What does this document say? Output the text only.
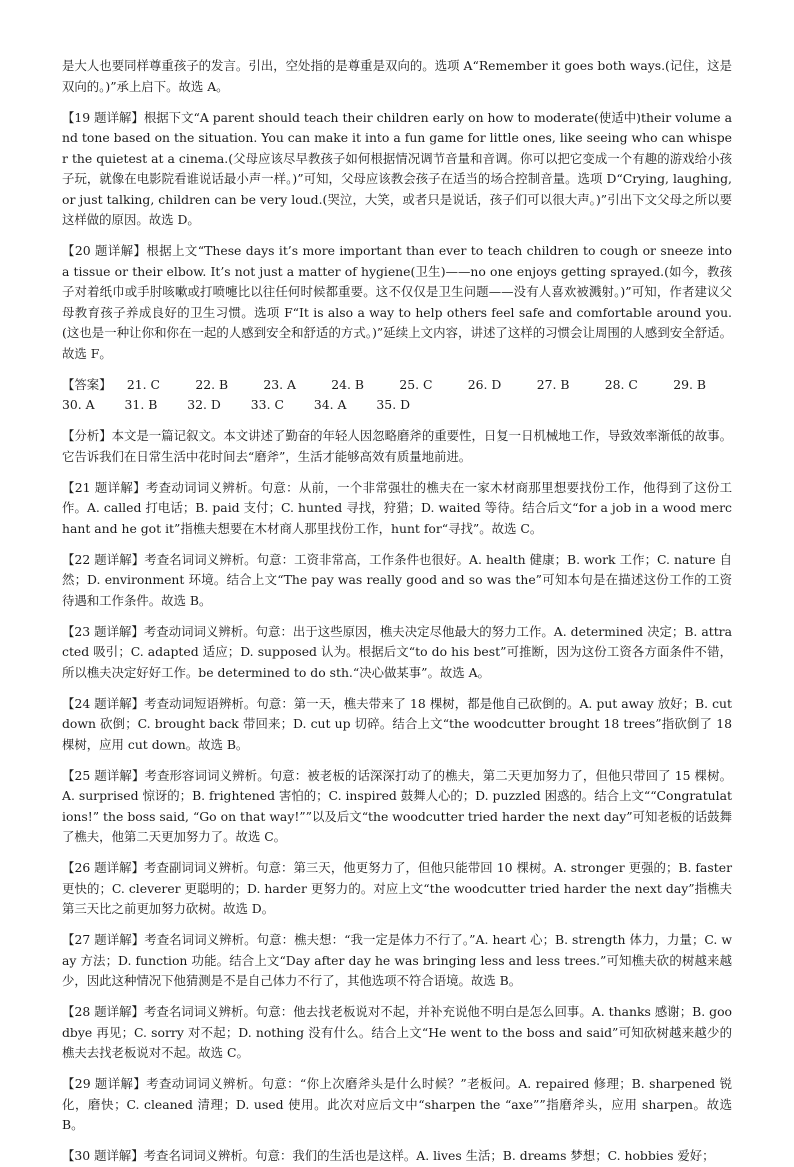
是大人也要同样尊重孩子的发言。引出，空处指的是尊重是双向的。选项 A“Remember it goes both ways.(记住，这是双向的。)”承上启下。故选 A。

【19 题详解】根据下文“A parent should teach their children early on how to moderate(使适中)their volume and tone based on the situation. You can make it into a fun game for little ones, like seeing who can whisper the quietest at a cinema.(父母应该尽早教孩子如何根据情况调节音量和音调。你可以把它变成一个有趣的游戏给小孩子玩，就像在电影院看谁说话最小声一样。)”可知，父母应该教会孩子在适当的场合控制音量。选项 D“Crying, laughing, or just talking, children can be very loud.(哭泣，大笑，或者只是说话，孩子们可以很大声。)”引出下文父母之所以要这样做的原因。故选 D。

【20 题详解】根据上文“These days it’s more important than ever to teach children to cough or sneeze into a tissue or their elbow. It’s not just a matter of hygiene(卫生)——no one enjoys getting sprayed.(如今，教孩子对着纸巾或手肘咳嗽或打喷嚏比以往任何时候都重要。这不仅仅是卫生问题——没有人喜欢被溅射。)”可知，作者建议父母教育孩子养成良好的卫生习惯。选项 F“It is also a way to help others feel safe and comfortable around you.(这也是一种让你和你在一起的人感到安全和舒适的方式。)”延续上文内容，讲述了这样的习惯会让周围的人感到安全舒适。故选 F。

【答案】 21. C	22. B	23. A	24. B	25. C	26. D	27. B	28. C	29. B 30. A 31. B 32. D 33. C 34. A 35. D

【分析】本文是一篇记叙文。本文讲述了勤奋的年轻人因忽略磨斧的重要性，日复一日机械地工作，导致效率渐低的故事。它告诉我们在日常生活中花时间去“磨斧”，生活才能够高效有质量地前进。

【21 题详解】考查动词词义辨析。句意：从前，一个非常强壮的樵夫在一家木材商那里想要找份工作，他得到了这份工作。A. called 打电话；B. paid 支付；C. hunted 寻找，狩猎；D. waited 等待。结合后文“for a job in a wood merchant and he got it”指樵夫想要在木材商人那里找份工作，hunt for“寻找”。故选 C。

【22 题详解】考查名词词义辨析。句意：工资非常高，工作条件也很好。A. health 健康；B. work 工作；C. nature 自然；D. environment 环境。结合上文“The pay was really good and so was the”可知本句是在描述这份工作的工资待遇和工作条件。故选 B。

【23 题详解】考查动词词义辨析。句意：出于这些原因，樵夫决定尽他最大的努力工作。A. determined 决定；B. attracted 吸引；C. adapted 适应；D. supposed 认为。根据后文“to do his best”可推断，因为这份工资各方面条件不错，所以樵夫决定好好工作。be determined to do sth.“决心做某事”。故选 A。

【24 题详解】考查动词短语辨析。句意：第一天，樵夫带来了 18 棵树，都是他自己砍倒的。A. put away 放好；B. cut down 砍倒；C. brought back 带回来；D. cut up 切碎。结合上文“the woodcutter brought 18 trees”指砍倒了 18 棵树，应用 cut down。故选 B。

【25 题详解】考查形容词词义辨析。句意：被老板的话深深打动了的樵夫，第二天更加努力了，但他只带回了 15 棵树。A. surprised 惊讶的；B. frightened 害怕的；C. inspired 鼓舞人心的；D. puzzled 困惑的。结合上文““Congratulations!” the boss said, “Go on that way!””以及后文“the woodcutter tried harder the next day”可知老板的话鼓舞了樵夫，他第二天更加努力了。故选 C。

【26 题详解】考查副词词义辨析。句意：第三天，他更努力了，但他只能带回 10 棵树。A. stronger 更强的；B. faster 更快的；C. cleverer 更聪明的；D. harder 更努力的。对应上文“the woodcutter tried harder the next day”指樵夫第三天比之前更加努力砍树。故选 D。

【27 题详解】考查名词词义辨析。句意：樵夫想：“我一定是体力不行了。”A. heart 心；B. strength 体力，力量；C. way 方法；D. function 功能。结合上文“Day after day he was bringing less and less trees.”可知樵夫砍的树越来越少，因此这种情况下他猜测是不是自己体力不行了，其他选项不符合语境。故选 B。

【28 题详解】考查名词词义辨析。句意：他去找老板说对不起，并补充说他不明白是怎么回事。A. thanks 感谢；B. goodbye 再见；C. sorry 对不起；D. nothing 没有什么。结合上文“He went to the boss and said”可知砍树越来越少的樵夫去找老板说对不起。故选 C。

【29 题详解】考查动词词义辨析。句意：“你上次磨斧头是什么时候？”老板问。A. repaired 修理；B. sharpened 锐化，磨快；C. cleaned 清理；D. used 使用。此次对应后文中“sharpen the “axe””指磨斧头，应用 sharpen。故选 B。

【30 题详解】考查名词词义辨析。句意：我们的生活也是这样。A. lives 生活；B. dreams 梦想；C. hobbies 爱好；
